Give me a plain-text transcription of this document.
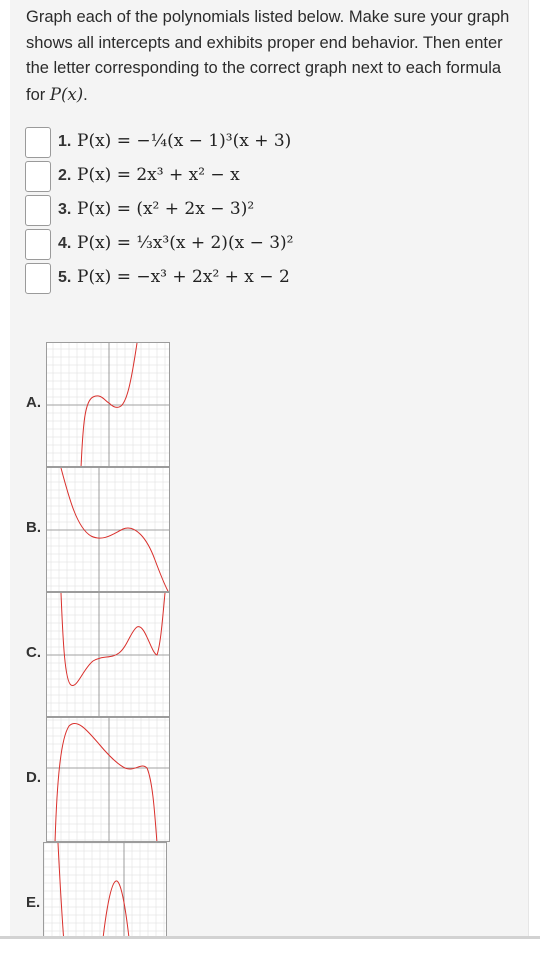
Graph each of the polynomials listed below. Make sure your graph shows all intercepts and exhibits proper end behavior. Then enter the letter corresponding to the correct graph next to each formula for P(x).

1. P(x) = −¼(x − 1)³(x + 3)
2. P(x) = 2x³ + x² − x
3. P(x) = (x² + 2x − 3)²
4. P(x) = ⅓x³(x + 2)(x − 3)²
5. P(x) = −x³ + 2x² + x − 2
A.
B.
C.
D.
E.
